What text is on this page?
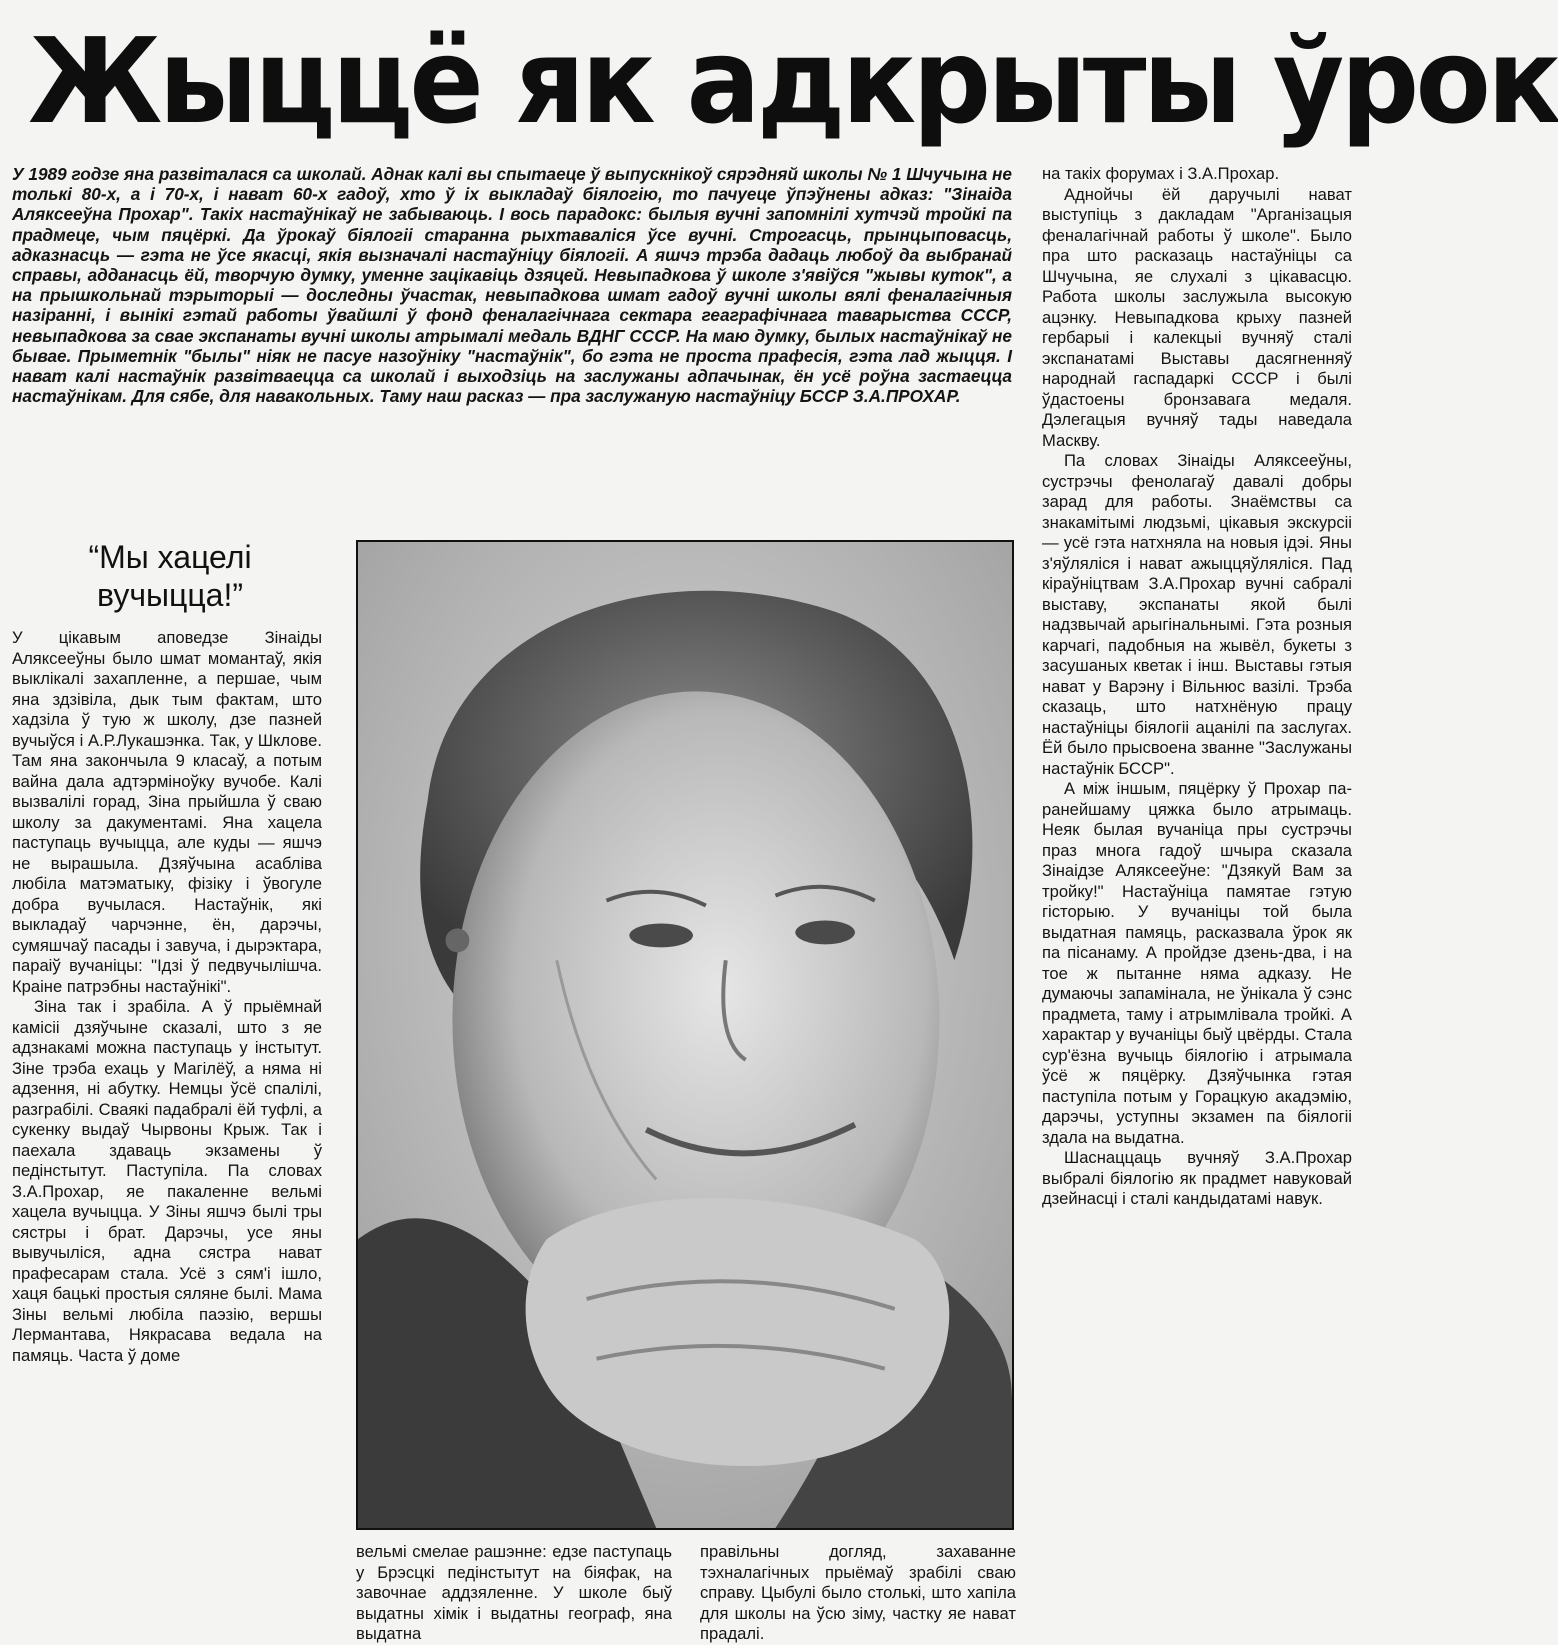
Жыццё як адкрыты ўрок
У 1989 годзе яна развіталася са школай. Аднак калі вы спытаеце ў выпускнікоў сярэдняй школы № 1 Шчучына не толькі 80-х, а і 70-х, і нават 60-х гадоў, хто ў іх выкладаў біялогію, то пачуеце ўпэўнены адказ: "Зінаіда Аляксееўна Прохар". Такіх настаўнікаў не забываюць. І вось парадокс: былыя вучні запомнілі хутчэй тройкі па прадмеце, чым пяцёркі. Да ўрокаў біялогіі старанна рыхтаваліся ўсе вучні. Строгасць, прынцыповасць, адказнасць — гэта не ўсе якасці, якія вызначалі настаўніцу біялогіі. А яшчэ трэба дадаць любоў да выбранай справы, адданасць ёй, творчую думку, уменне зацікавіць дзяцей. Невыпадкова ў школе з'явіўся "жывы куток", а на прышкольнай тэрыторыі — доследны ўчастак, невыпадкова шмат гадоў вучні школы вялі феналагічныя назіранні, і вынікі гэтай работы ўвайшлі ў фонд феналагічнага сектара геаграфічнага таварыства СССР, невыпадкова за свае экспанаты вучні школы атрымалі медаль ВДНГ СССР. На маю думку, былых настаўнікаў не бывае. Прыметнік "былы" ніяк не пасуе назоўніку "настаўнік", бо гэта не проста прафесія, гэта лад жыцця. І нават калі настаўнік развітваецца са школай і выходзіць на заслужаны адпачынак, ён усё роўна застаецца настаўнікам. Для сябе, для навакольных. Таму наш расказ — пра заслужаную настаўніцу БССР З.А.ПРОХАР.
“Мы хацелі вучыцца!”

У цікавым аповедзе Зінаіды Аляксееўны было шмат момантаў, якія выклікалі захапленне, а першае, чым яна здзівіла, дык тым фактам, што хадзіла ў тую ж школу, дзе пазней вучыўся і А.Р.Лукашэнка. Так, у Шклове. Там яна закончыла 9 класаў, а потым вайна дала адтэрміноўку вучобе. Калі вызвалілі горад, Зіна прыйшла ў сваю школу за дакументамі. Яна хацела паступаць вучыцца, але куды — яшчэ не вырашыла. Дзяўчына асабліва любіла матэматыку, фізіку і ўвогуле добра вучылася. Настаўнік, які выкладаў чарчэнне, ён, дарэчы, сумяшчаў пасады і завуча, і дырэктара, параіў вучаніцы: "Ідзі ў педвучылішча. Краіне патрэбны настаўнікі".

Зіна так і зрабіла. А ў прыёмнай камісіі дзяўчыне сказалі, што з яе адзнакамі можна паступаць у інстытут. Зіне трэба ехаць у Магілёў, а няма ні адзення, ні абутку. Немцы ўсё спалілі, разграбілі. Сваякі падабралі ёй туфлі, а сукенку выдаў Чырвоны Крыж. Так і паехала здаваць экзамены ў педінстытут. Паступіла. Па словах З.А.Прохар, яе пакаленне вельмі хацела вучыцца. У Зіны яшчэ былі тры сястры і брат. Дарэчы, усе яны вывучыліся, адна сястра нават прафесарам стала. Усё з сям'і ішло, хаця бацькі простыя сяляне былі. Мама Зіны вельмі любіла паэзію, вершы Лермантава, Някрасава ведала на памяць. Часта ў доме

на такіх форумах і З.А.Прохар.

Аднойчы ёй даручылі нават выступіць з дакладам "Арганізацыя феналагічнай работы ў школе". Было пра што расказаць настаўніцы са Шчучына, яе слухалі з цікавасцю. Работа школы заслужыла высокую ацэнку. Невыпадкова крыху пазней гербарыі і калекцыі вучняў сталі экспанатамі Выставы дасягненняў народнай гаспадаркі СССР і былі ўдастоены бронзавага медаля. Дэлегацыя вучняў тады наведала Маскву.

Па словах Зінаіды Аляксееўны, сустрэчы фенолагаў давалі добры зарад для работы. Знаёмствы са знакамітымі людзьмі, цікавыя экскурсіі — усё гэта натхняла на новыя ідэі. Яны з'яўляліся і нават ажыццяўляліся. Пад кіраўніцтвам З.А.Прохар вучні сабралі выставу, экспанаты якой былі надзвычай арыгінальнымі. Гэта розныя карчагі, падобныя на жывёл, букеты з засушаных кветак і інш. Выставы гэтыя нават у Варэну і Вільнюс вазілі. Трэба сказаць, што натхнёную працу настаўніцы біялогіі ацанілі па заслугах. Ёй было прысвоена званне "Заслужаны настаўнік БССР".

А між іншым, пяцёрку ў Прохар па-ранейшаму цяжка было атрымаць. Неяк былая вучаніца пры сустрэчы праз многа гадоў шчыра сказала Зінаідзе Аляксееўне: "Дзякуй Вам за тройку!" Настаўніца памятае гэтую гісторыю. У вучаніцы той была выдатная памяць, расказвала ўрок як па пісанаму. А пройдзе дзень-два, і на тое ж пытанне няма адказу. Не думаючы запаміналa, не ўнікала ў сэнс прадмета, таму і атрымлівала тройкі. А характар у вучаніцы быў цвёрды. Стала сур'ёзна вучыць біялогію і атрымала ўсё ж пяцёрку. Дзяўчынка гэтая паступіла потым у Горацкую акадэмію, дарэчы, уступны экзамен па біялогіі здала на выдатна.

Шаснаццаць вучняў З.А.Прохар выбралі біялогію як прадмет навуковай дзейнасці і сталі кандыдатамі навук.

вельмі смелае рашэнне: едзе паступаць у Брэсцкі педінстытут на біяфак, на завочнае аддзяленне. У школе быў выдатны хімік і выдатны географ, яна выдатна

правільны догляд, захаванне тэхналагічных прыёмаў зрабілі сваю справу. Цыбулі было столькі, што хапіла для школы на ўсю зіму, частку яе нават прадалі.
